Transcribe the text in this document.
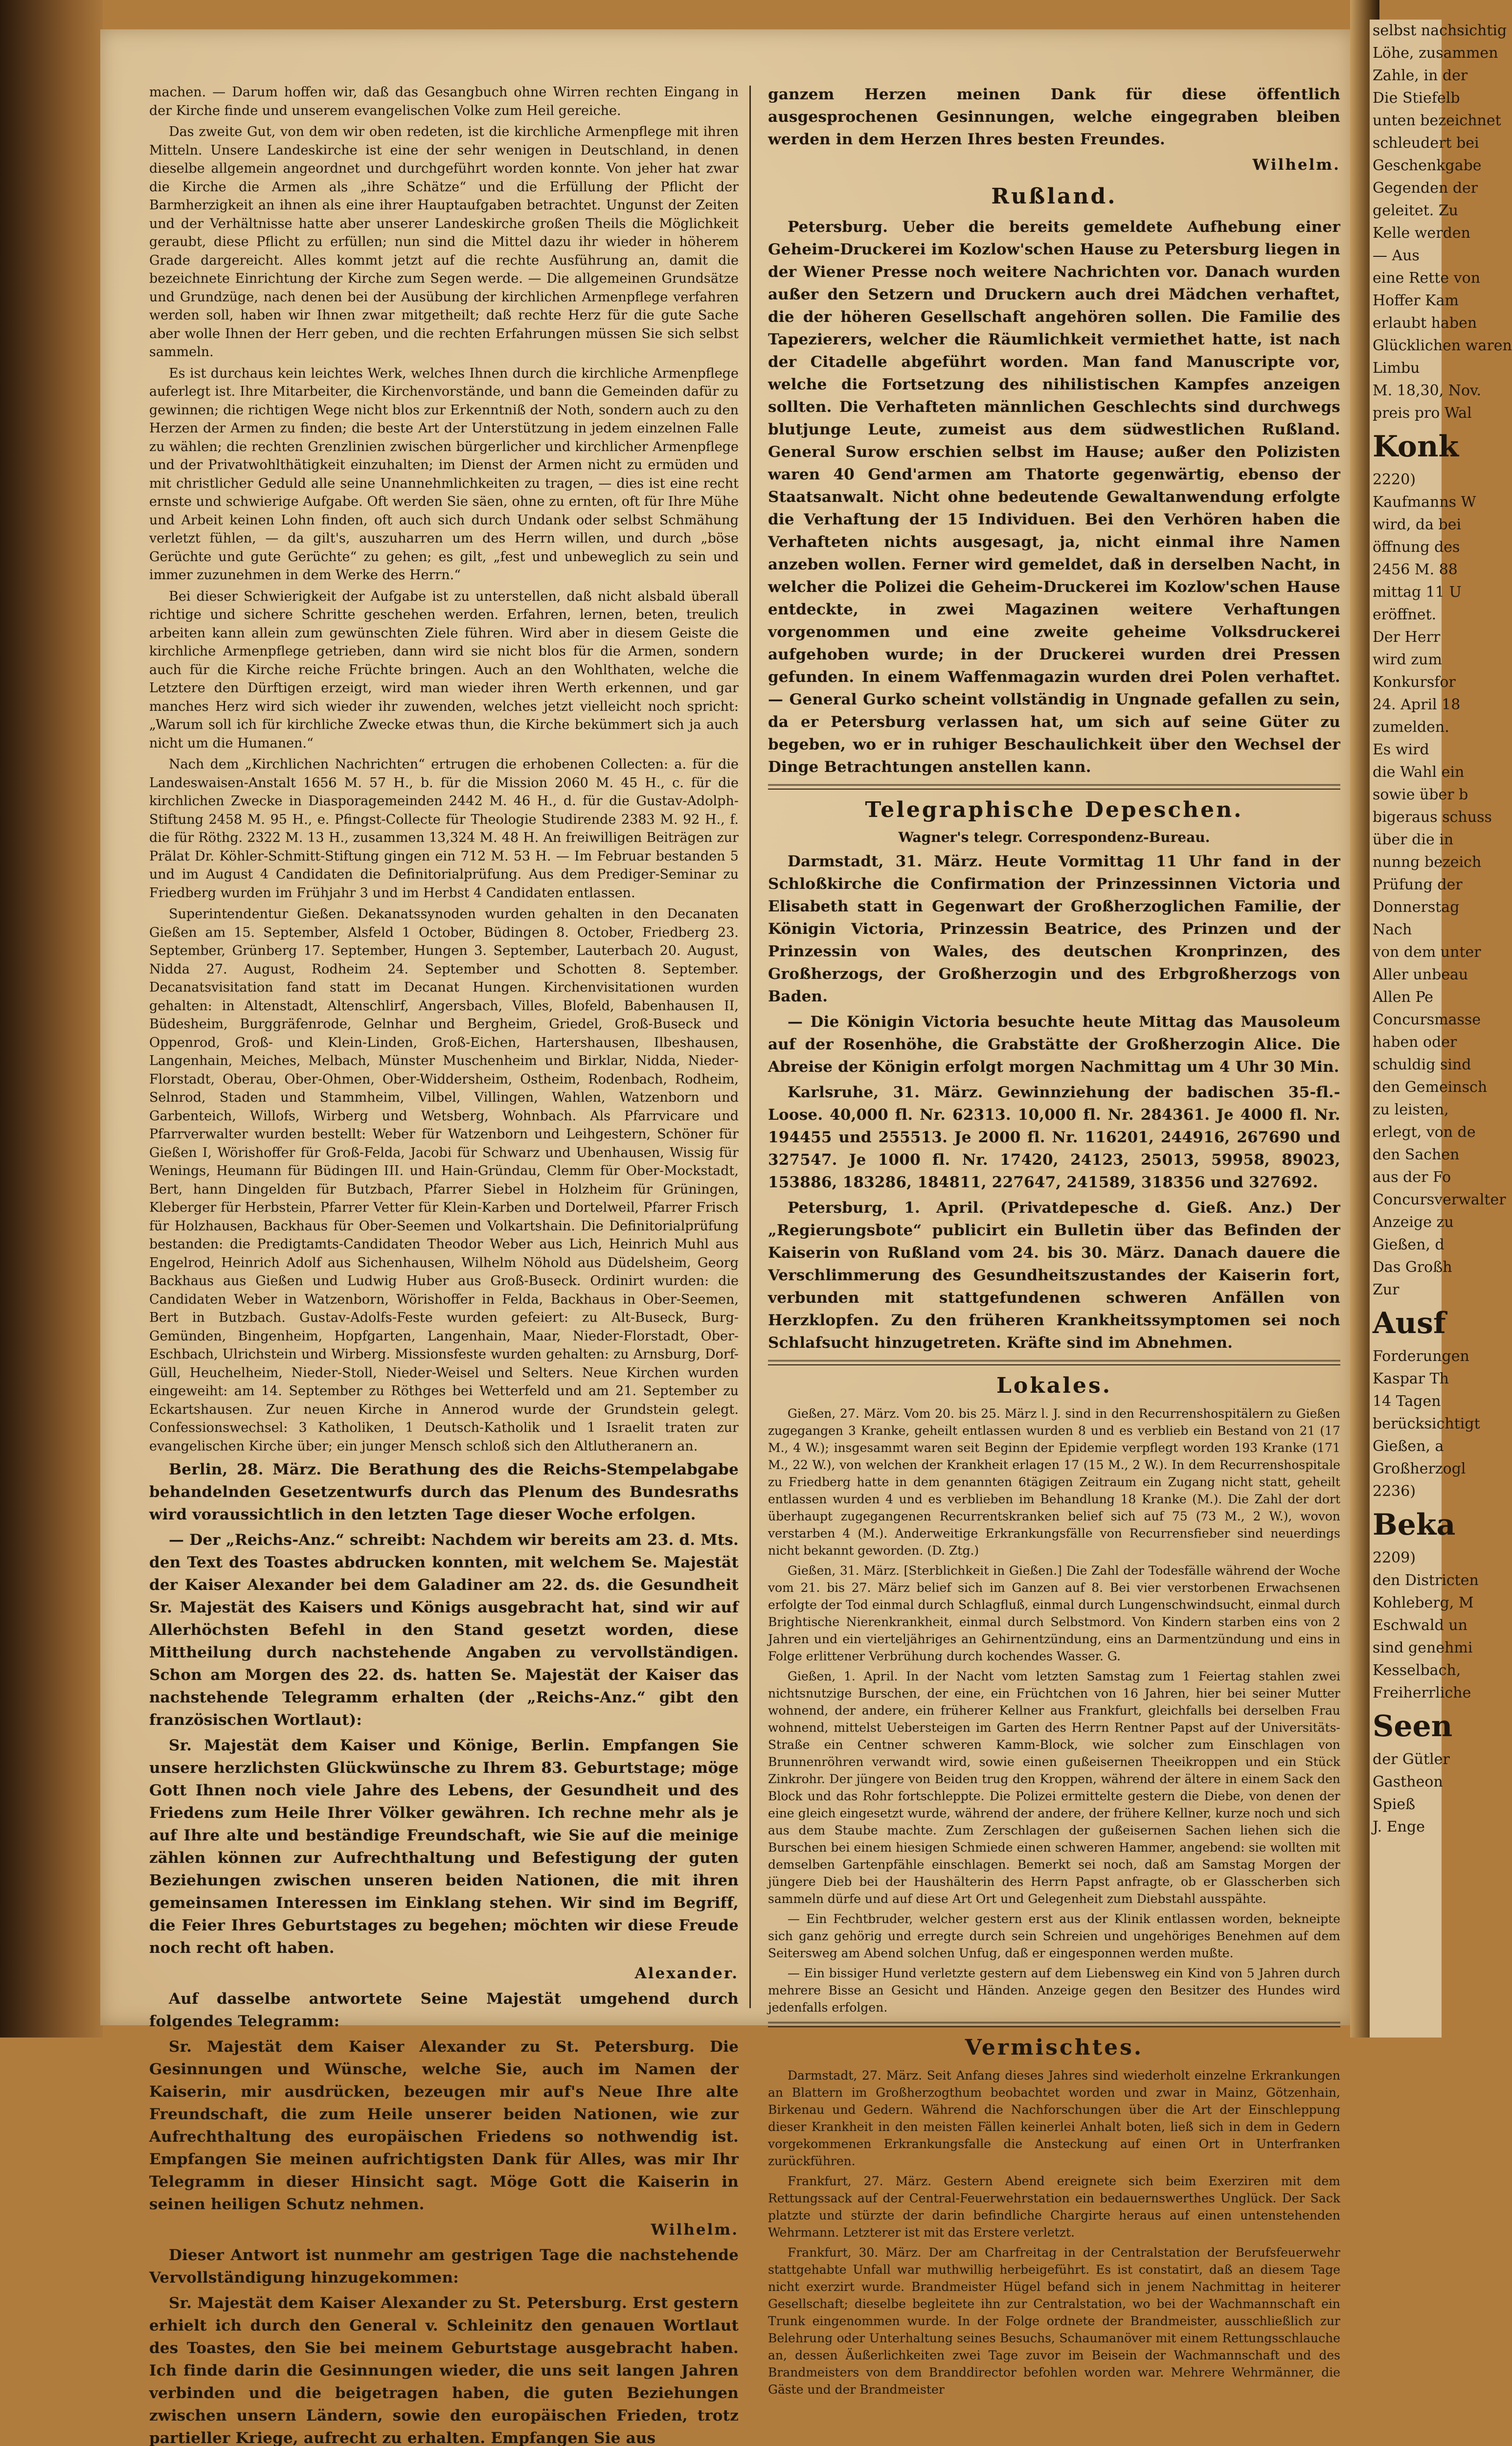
machen. — Darum hoffen wir, daß das Gesangbuch ohne Wirren rechten Eingang in der Kirche finde und unserem evangelischen Volke zum Heil gereiche.

Das zweite Gut, von dem wir oben redeten, ist die kirchliche Armenpflege mit ihren Mitteln. Unsere Landeskirche ist eine der sehr wenigen in Deutschland, in denen dieselbe allgemein angeordnet und durchgeführt worden konnte. Von jeher hat zwar die Kirche die Armen als „ihre Schätze“ und die Erfüllung der Pflicht der Barmherzigkeit an ihnen als eine ihrer Hauptaufgaben betrachtet. Ungunst der Zeiten und der Verhältnisse hatte aber unserer Landeskirche großen Theils die Möglichkeit geraubt, diese Pflicht zu erfüllen; nun sind die Mittel dazu ihr wieder in höherem Grade dargereicht. Alles kommt jetzt auf die rechte Ausführung an, damit die bezeichnete Einrichtung der Kirche zum Segen werde. — Die allgemeinen Grundsätze und Grundzüge, nach denen bei der Ausübung der kirchlichen Armenpflege verfahren werden soll, haben wir Ihnen zwar mitgetheilt; daß rechte Herz für die gute Sache aber wolle Ihnen der Herr geben, und die rechten Erfahrungen müssen Sie sich selbst sammeln.

Es ist durchaus kein leichtes Werk, welches Ihnen durch die kirchliche Armenpflege auferlegt ist. Ihre Mitarbeiter, die Kirchenvorstände, und bann die Gemeinden dafür zu gewinnen; die richtigen Wege nicht blos zur Erkenntniß der Noth, sondern auch zu den Herzen der Armen zu finden; die beste Art der Unterstützung in jedem einzelnen Falle zu wählen; die rechten Grenzlinien zwischen bürgerlicher und kirchlicher Armenpflege und der Privatwohlthätigkeit einzuhalten; im Dienst der Armen nicht zu ermüden und mit christlicher Geduld alle seine Unannehmlichkeiten zu tragen, — dies ist eine recht ernste und schwierige Aufgabe. Oft werden Sie säen, ohne zu ernten, oft für Ihre Mühe und Arbeit keinen Lohn finden, oft auch sich durch Undank oder selbst Schmähung verletzt fühlen, — da gilt's, auszuharren um des Herrn willen, und durch „böse Gerüchte und gute Gerüchte“ zu gehen; es gilt, „fest und unbeweglich zu sein und immer zuzunehmen in dem Werke des Herrn.“

Bei dieser Schwierigkeit der Aufgabe ist zu unterstellen, daß nicht alsbald überall richtige und sichere Schritte geschehen werden. Erfahren, lernen, beten, treulich arbeiten kann allein zum gewünschten Ziele führen. Wird aber in diesem Geiste die kirchliche Armenpflege getrieben, dann wird sie nicht blos für die Armen, sondern auch für die Kirche reiche Früchte bringen. Auch an den Wohlthaten, welche die Letztere den Dürftigen erzeigt, wird man wieder ihren Werth erkennen, und gar manches Herz wird sich wieder ihr zuwenden, welches jetzt vielleicht noch spricht: „Warum soll ich für kirchliche Zwecke etwas thun, die Kirche bekümmert sich ja auch nicht um die Humanen.“

Nach dem „Kirchlichen Nachrichten“ ertrugen die erhobenen Collecten: a. für die Landeswaisen-Anstalt 1656 M. 57 H., b. für die Mission 2060 M. 45 H., c. für die kirchlichen Zwecke in Diasporagemeinden 2442 M. 46 H., d. für die Gustav-Adolph-Stiftung 2458 M. 95 H., e. Pfingst-Collecte für Theologie Studirende 2383 M. 92 H., f. die für Röthg. 2322 M. 13 H., zusammen 13,324 M. 48 H. An freiwilligen Beiträgen zur Prälat Dr. Köhler-Schmitt-Stiftung gingen ein 712 M. 53 H. — Im Februar bestanden 5 und im August 4 Candidaten die Definitorialprüfung. Aus dem Prediger-Seminar zu Friedberg wurden im Frühjahr 3 und im Herbst 4 Candidaten entlassen.

Superintendentur Gießen. Dekanatssynoden wurden gehalten in den Decanaten Gießen am 15. September, Alsfeld 1 October, Büdingen 8. October, Friedberg 23. September, Grünberg 17. September, Hungen 3. September, Lauterbach 20. August, Nidda 27. August, Rodheim 24. September und Schotten 8. September. Decanatsvisitation fand statt im Decanat Hungen. Kirchenvisitationen wurden gehalten: in Altenstadt, Altenschlirf, Angersbach, Villes, Blofeld, Babenhausen II, Büdesheim, Burggräfenrode, Gelnhar und Bergheim, Griedel, Groß-Buseck und Oppenrod, Groß- und Klein-Linden, Groß-Eichen, Hartershausen, Ilbeshausen, Langenhain, Meiches, Melbach, Münster Muschenheim und Birklar, Nidda, Nieder-Florstadt, Oberau, Ober-Ohmen, Ober-Widdersheim, Ostheim, Rodenbach, Rodheim, Selnrod, Staden und Stammheim, Vilbel, Villingen, Wahlen, Watzenborn und Garbenteich, Willofs, Wirberg und Wetsberg, Wohnbach. Als Pfarrvicare und Pfarrverwalter wurden bestellt: Weber für Watzenborn und Leihgestern, Schöner für Gießen I, Wörishoffer für Groß-Felda, Jacobi für Schwarz und Ubenhausen, Wissig für Wenings, Heumann für Büdingen III. und Hain-Gründau, Clemm für Ober-Mockstadt, Bert, hann Dingelden für Butzbach, Pfarrer Siebel in Holzheim für Grüningen, Kleberger für Herbstein, Pfarrer Vetter für Klein-Karben und Dortelweil, Pfarrer Frisch für Holzhausen, Backhaus für Ober-Seemen und Volkartshain. Die Definitorialprüfung bestanden: die Predigtamts-Candidaten Theodor Weber aus Lich, Heinrich Muhl aus Engelrod, Heinrich Adolf aus Sichenhausen, Wilhelm Nöhold aus Düdelsheim, Georg Backhaus aus Gießen und Ludwig Huber aus Groß-Buseck. Ordinirt wurden: die Candidaten Weber in Watzenborn, Wörishoffer in Felda, Backhaus in Ober-Seemen, Bert in Butzbach. Gustav-Adolfs-Feste wurden gefeiert: zu Alt-Buseck, Burg-Gemünden, Bingenheim, Hopfgarten, Langenhain, Maar, Nieder-Florstadt, Ober-Eschbach, Ulrichstein und Wirberg. Missionsfeste wurden gehalten: zu Arnsburg, Dorf-Güll, Heuchelheim, Nieder-Stoll, Nieder-Weisel und Selters. Neue Kirchen wurden eingeweiht: am 14. September zu Röthges bei Wetterfeld und am 21. September zu Eckartshausen. Zur neuen Kirche in Annerod wurde der Grundstein gelegt. Confessionswechsel: 3 Katholiken, 1 Deutsch-Katholik und 1 Israelit traten zur evangelischen Kirche über; ein junger Mensch schloß sich den Altlutheranern an.

Berlin, 28. März. Die Berathung des die Reichs-Stempelabgabe behandelnden Gesetzentwurfs durch das Plenum des Bundesraths wird voraussichtlich in den letzten Tage dieser Woche erfolgen.

— Der „Reichs-Anz.“ schreibt: Nachdem wir bereits am 23. d. Mts. den Text des Toastes abdrucken konnten, mit welchem Se. Majestät der Kaiser Alexander bei dem Galadiner am 22. ds. die Gesundheit Sr. Majestät des Kaisers und Königs ausgebracht hat, sind wir auf Allerhöchsten Befehl in den Stand gesetzt worden, diese Mittheilung durch nachstehende Angaben zu vervollständigen. Schon am Morgen des 22. ds. hatten Se. Majestät der Kaiser das nachstehende Telegramm erhalten (der „Reichs-Anz.“ gibt den französischen Wortlaut):

Sr. Majestät dem Kaiser und Könige, Berlin. Empfangen Sie unsere herzlichsten Glückwünsche zu Ihrem 83. Geburtstage; möge Gott Ihnen noch viele Jahre des Lebens, der Gesundheit und des Friedens zum Heile Ihrer Völker gewähren. Ich rechne mehr als je auf Ihre alte und beständige Freundschaft, wie Sie auf die meinige zählen können zur Aufrechthaltung und Befestigung der guten Beziehungen zwischen unseren beiden Nationen, die mit ihren gemeinsamen Interessen im Einklang stehen. Wir sind im Begriff, die Feier Ihres Geburtstages zu begehen; möchten wir diese Freude noch recht oft haben.

Alexander.

Auf dasselbe antwortete Seine Majestät umgehend durch folgendes Telegramm:

Sr. Majestät dem Kaiser Alexander zu St. Petersburg. Die Gesinnungen und Wünsche, welche Sie, auch im Namen der Kaiserin, mir ausdrücken, bezeugen mir auf's Neue Ihre alte Freundschaft, die zum Heile unserer beiden Nationen, wie zur Aufrechthaltung des europäischen Friedens so nothwendig ist. Empfangen Sie meinen aufrichtigsten Dank für Alles, was mir Ihr Telegramm in dieser Hinsicht sagt. Möge Gott die Kaiserin in seinen heiligen Schutz nehmen.

Wilhelm.

Dieser Antwort ist nunmehr am gestrigen Tage die nachstehende Vervollständigung hinzugekommen:

Sr. Majestät dem Kaiser Alexander zu St. Petersburg. Erst gestern erhielt ich durch den General v. Schleinitz den genauen Wortlaut des Toastes, den Sie bei meinem Geburtstage ausgebracht haben. Ich finde darin die Gesinnungen wieder, die uns seit langen Jahren verbinden und die beigetragen haben, die guten Beziehungen zwischen unsern Ländern, sowie den europäischen Frieden, trotz partieller Kriege, aufrecht zu erhalten. Empfangen Sie aus

ganzem Herzen meinen Dank für diese öffentlich ausgesprochenen Gesinnungen, welche eingegraben bleiben werden in dem Herzen Ihres besten Freundes.

Wilhelm.

Rußland.

Petersburg. Ueber die bereits gemeldete Aufhebung einer Geheim-Druckerei im Kozlow'schen Hause zu Petersburg liegen in der Wiener Presse noch weitere Nachrichten vor. Danach wurden außer den Setzern und Druckern auch drei Mädchen verhaftet, die der höheren Gesellschaft angehören sollen. Die Familie des Tapezierers, welcher die Räumlichkeit vermiethet hatte, ist nach der Citadelle abgeführt worden. Man fand Manuscripte vor, welche die Fortsetzung des nihilistischen Kampfes anzeigen sollten. Die Verhafteten männlichen Geschlechts sind durchwegs blutjunge Leute, zumeist aus dem südwestlichen Rußland. General Surow erschien selbst im Hause; außer den Polizisten waren 40 Gend'armen am Thatorte gegenwärtig, ebenso der Staatsanwalt. Nicht ohne bedeutende Gewaltanwendung erfolgte die Verhaftung der 15 Individuen. Bei den Verhören haben die Verhafteten nichts ausgesagt, ja, nicht einmal ihre Namen anzeben wollen. Ferner wird gemeldet, daß in derselben Nacht, in welcher die Polizei die Geheim-Druckerei im Kozlow'schen Hause entdeckte, in zwei Magazinen weitere Verhaftungen vorgenommen und eine zweite geheime Volksdruckerei aufgehoben wurde; in der Druckerei wurden drei Pressen gefunden. In einem Waffenmagazin wurden drei Polen verhaftet. — General Gurko scheint vollständig in Ungnade gefallen zu sein, da er Petersburg verlassen hat, um sich auf seine Güter zu begeben, wo er in ruhiger Beschaulichkeit über den Wechsel der Dinge Betrachtungen anstellen kann.

Telegraphische Depeschen.
Wagner's telegr. Correspondenz-Bureau.

Darmstadt, 31. März. Heute Vormittag 11 Uhr fand in der Schloßkirche die Confirmation der Prinzessinnen Victoria und Elisabeth statt in Gegenwart der Großherzoglichen Familie, der Königin Victoria, Prinzessin Beatrice, des Prinzen und der Prinzessin von Wales, des deutschen Kronprinzen, des Großherzogs, der Großherzogin und des Erbgroßherzogs von Baden.

— Die Königin Victoria besuchte heute Mittag das Mausoleum auf der Rosenhöhe, die Grabstätte der Großherzogin Alice. Die Abreise der Königin erfolgt morgen Nachmittag um 4 Uhr 30 Min.

Karlsruhe, 31. März. Gewinnziehung der badischen 35-fl.-Loose. 40,000 fl. Nr. 62313. 10,000 fl. Nr. 284361. Je 4000 fl. Nr. 194455 und 255513. Je 2000 fl. Nr. 116201, 244916, 267690 und 327547. Je 1000 fl. Nr. 17420, 24123, 25013, 59958, 89023, 153886, 183286, 184811, 227647, 241589, 318356 und 327692.

Petersburg, 1. April. (Privatdepesche d. Gieß. Anz.) Der „Regierungsbote“ publicirt ein Bulletin über das Befinden der Kaiserin von Rußland vom 24. bis 30. März. Danach dauere die Verschlimmerung des Gesundheitszustandes der Kaiserin fort, verbunden mit stattgefundenen schweren Anfällen von Herzklopfen. Zu den früheren Krankheitssymptomen sei noch Schlafsucht hinzugetreten. Kräfte sind im Abnehmen.

Lokales.

Gießen, 27. März. Vom 20. bis 25. März l. J. sind in den Recurrenshospitälern zu Gießen zugegangen 3 Kranke, geheilt entlassen wurden 8 und es verblieb ein Bestand von 21 (17 M., 4 W.); insgesammt waren seit Beginn der Epidemie verpflegt worden 193 Kranke (171 M., 22 W.), von welchen der Krankheit erlagen 17 (15 M., 2 W.). In dem Recurrenshospitale zu Friedberg hatte in dem genannten 6tägigen Zeitraum ein Zugang nicht statt, geheilt entlassen wurden 4 und es verblieben im Behandlung 18 Kranke (M.). Die Zahl der dort überhaupt zugegangenen Recurrentskranken belief sich auf 75 (73 M., 2 W.), wovon verstarben 4 (M.). Anderweitige Erkrankungsfälle von Recurrensfieber sind neuerdings nicht bekannt geworden. (D. Ztg.)

Gießen, 31. März. [Sterblichkeit in Gießen.] Die Zahl der Todesfälle während der Woche vom 21. bis 27. März belief sich im Ganzen auf 8. Bei vier verstorbenen Erwachsenen erfolgte der Tod einmal durch Schlagfluß, einmal durch Lungenschwindsucht, einmal durch Brightische Nierenkrankheit, einmal durch Selbstmord. Von Kindern starben eins von 2 Jahren und ein vierteljähriges an Gehirnentzündung, eins an Darmentzündung und eins in Folge erlittener Verbrühung durch kochendes Wasser. G.

Gießen, 1. April. In der Nacht vom letzten Samstag zum 1 Feiertag stahlen zwei nichtsnutzige Burschen, der eine, ein Früchtchen von 16 Jahren, hier bei seiner Mutter wohnend, der andere, ein früherer Kellner aus Frankfurt, gleichfalls bei derselben Frau wohnend, mittelst Uebersteigen im Garten des Herrn Rentner Papst auf der Universitäts-Straße ein Centner schweren Kamm-Block, wie solcher zum Einschlagen von Brunnenröhren verwandt wird, sowie einen gußeisernen Theeikroppen und ein Stück Zinkrohr. Der jüngere von Beiden trug den Kroppen, während der ältere in einem Sack den Block und das Rohr fortschleppte. Die Polizei ermittelte gestern die Diebe, von denen der eine gleich eingesetzt wurde, während der andere, der frühere Kellner, kurze noch und sich aus dem Staube machte. Zum Zerschlagen der gußeisernen Sachen liehen sich die Burschen bei einem hiesigen Schmiede einen schweren Hammer, angebend: sie wollten mit demselben Gartenpfähle einschlagen. Bemerkt sei noch, daß am Samstag Morgen der jüngere Dieb bei der Haushälterin des Herrn Papst anfragte, ob er Glasscherben sich sammeln dürfe und auf diese Art Ort und Gelegenheit zum Diebstahl ausspähte.

— Ein Fechtbruder, welcher gestern erst aus der Klinik entlassen worden, bekneipte sich ganz gehörig und erregte durch sein Schreien und ungehöriges Benehmen auf dem Seitersweg am Abend solchen Unfug, daß er eingesponnen werden mußte.

— Ein bissiger Hund verletzte gestern auf dem Liebensweg ein Kind von 5 Jahren durch mehrere Bisse an Gesicht und Händen. Anzeige gegen den Besitzer des Hundes wird jedenfalls erfolgen.

Vermischtes.

Darmstadt, 27. März. Seit Anfang dieses Jahres sind wiederholt einzelne Erkrankungen an Blattern im Großherzogthum beobachtet worden und zwar in Mainz, Götzenhain, Birkenau und Gedern. Während die Nachforschungen über die Art der Einschleppung dieser Krankheit in den meisten Fällen keinerlei Anhalt boten, ließ sich in dem in Gedern vorgekommenen Erkrankungsfalle die Ansteckung auf einen Ort in Unterfranken zurückführen.

Frankfurt, 27. März. Gestern Abend ereignete sich beim Exerziren mit dem Rettungssack auf der Central-Feuerwehrstation ein bedauernswerthes Unglück. Der Sack platzte und stürzte der darin befindliche Chargirte heraus auf einen untenstehenden Wehrmann. Letzterer ist mit das Erstere verletzt.

Frankfurt, 30. März. Der am Charfreitag in der Centralstation der Berufsfeuerwehr stattgehabte Unfall war muthwillig herbeigeführt. Es ist constatirt, daß an diesem Tage nicht exerzirt wurde. Brandmeister Hügel befand sich in jenem Nachmittag in heiterer Gesellschaft; dieselbe begleitete ihn zur Centralstation, wo bei der Wachmannschaft ein Trunk eingenommen wurde. In der Folge ordnete der Brandmeister, ausschließlich zur Belehrung oder Unterhaltung seines Besuchs, Schaumanöver mit einem Rettungsschlauche an, dessen Äußerlichkeiten zwei Tage zuvor im Beisein der Wachmannschaft und des Brandmeisters von dem Branddirector befohlen worden war. Mehrere Wehrmänner, die Gäste und der Brandmeister

selbst nachsichtig
Löhe, zusammen
Zahle, in der
Die Stiefelb
unten bezeichnet
schleudert bei
Geschenkgabe
Gegenden der
geleitet. Zu
Kelle werden
— Aus
eine Rette von
Hoffer Kam
erlaubt haben
Glücklichen waren
Limbu
M. 18,30, Nov.
preis pro Wal
Konk
2220)
Kaufmanns W
wird, da bei
öffnung des
2456 M. 88
mittag 11 U
eröffnet.
Der Herr
wird zum
Konkursfor
24. April 18
zumelden.
Es wird
die Wahl ein
sowie über b
bigeraus schuss
über die in
nunng bezeich
Prüfung der
Donnerstag
Nach
von dem unter
Aller unbeau
Allen Pe
Concursmasse
haben oder
schuldig sind
den Gemeinsch
zu leisten,
erlegt, von de
den Sachen
aus der Fo
Concursverwalter
Anzeige zu
Gießen, d
Das Großh
Zur
Ausf
Forderungen
Kaspar Th
14 Tagen
berücksichtigt
Gießen, a
Großherzogl
2236)
Beka
2209)
den Districten
Kohleberg, M
Eschwald un
sind genehmi
Kesselbach,
Freiherrliche
Seen
der Gütler
Gastheon
Spieß
J. Enge
